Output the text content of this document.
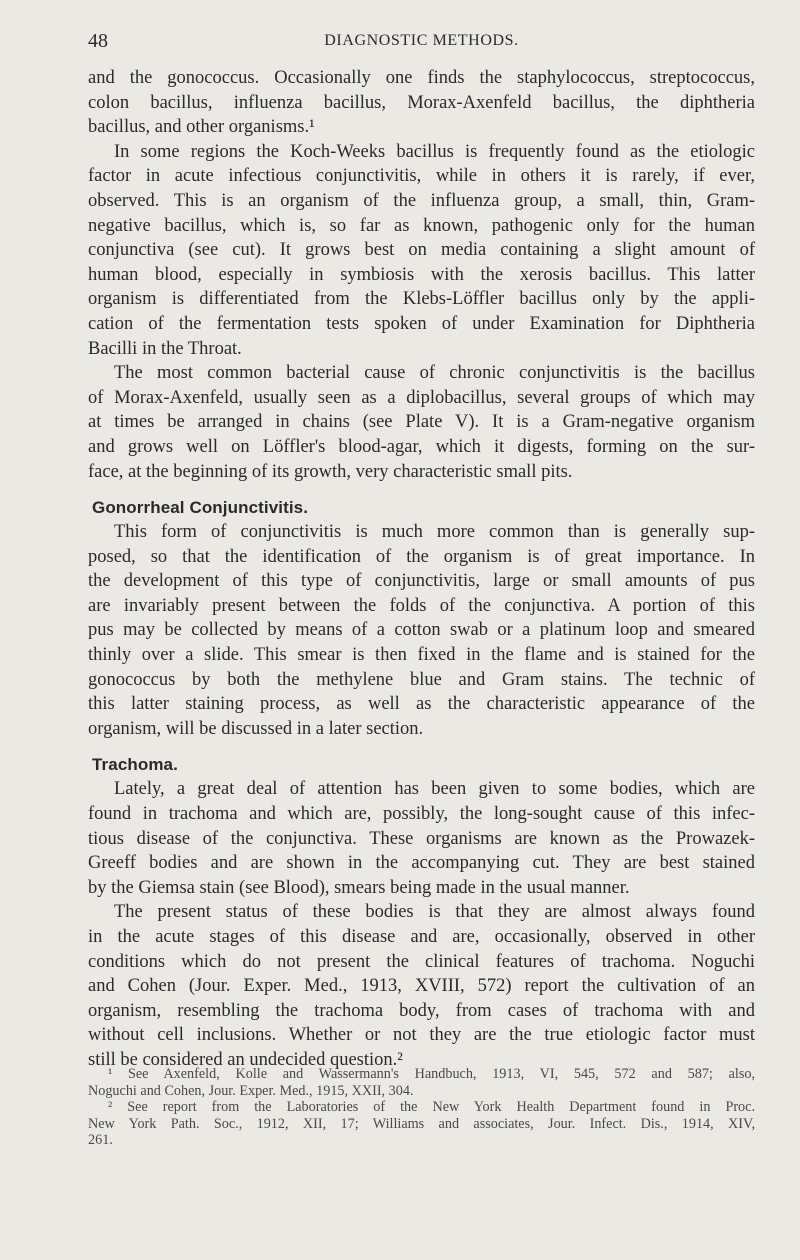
48	DIAGNOSTIC METHODS.
and the gonococcus. Occasionally one finds the staphylococcus, streptococcus,
colon bacillus, influenza bacillus, Morax-Axenfeld bacillus, the diphtheria
bacillus, and other organisms.¹
In some regions the Koch-Weeks bacillus is frequently found as the etiologic
factor in acute infectious conjunctivitis, while in others it is rarely, if ever,
observed. This is an organism of the influenza group, a small, thin, Gram-
negative bacillus, which is, so far as known, pathogenic only for the human
conjunctiva (see cut). It grows best on media containing a slight amount of
human blood, especially in symbiosis with the xerosis bacillus. This latter
organism is differentiated from the Klebs-Löffler bacillus only by the appli-
cation of the fermentation tests spoken of under Examination for Diphtheria
Bacilli in the Throat.
The most common bacterial cause of chronic conjunctivitis is the bacillus
of Morax-Axenfeld, usually seen as a diplobacillus, several groups of which may
at times be arranged in chains (see Plate V). It is a Gram-negative organism
and grows well on Löffler's blood-agar, which it digests, forming on the sur-
face, at the beginning of its growth, very characteristic small pits.
Gonorrheal Conjunctivitis.
This form of conjunctivitis is much more common than is generally sup-
posed, so that the identification of the organism is of great importance. In
the development of this type of conjunctivitis, large or small amounts of pus
are invariably present between the folds of the conjunctiva. A portion of this
pus may be collected by means of a cotton swab or a platinum loop and smeared
thinly over a slide. This smear is then fixed in the flame and is stained for the
gonococcus by both the methylene blue and Gram stains. The technic of
this latter staining process, as well as the characteristic appearance of the
organism, will be discussed in a later section.
Trachoma.
Lately, a great deal of attention has been given to some bodies, which are
found in trachoma and which are, possibly, the long-sought cause of this infec-
tious disease of the conjunctiva. These organisms are known as the Prowazek-
Greeff bodies and are shown in the accompanying cut. They are best stained
by the Giemsa stain (see Blood), smears being made in the usual manner.
The present status of these bodies is that they are almost always found
in the acute stages of this disease and are, occasionally, observed in other
conditions which do not present the clinical features of trachoma. Noguchi
and Cohen (Jour. Exper. Med., 1913, XVIII, 572) report the cultivation of an
organism, resembling the trachoma body, from cases of trachoma with and
without cell inclusions. Whether or not they are the true etiologic factor must
still be considered an undecided question.²
¹ See Axenfeld, Kolle and Wassermann's Handbuch, 1913, VI, 545, 572 and 587; also,
Noguchi and Cohen, Jour. Exper. Med., 1915, XXII, 304.
² See report from the Laboratories of the New York Health Department found in Proc.
New York Path. Soc., 1912, XII, 17; Williams and associates, Jour. Infect. Dis., 1914, XIV,
261.
